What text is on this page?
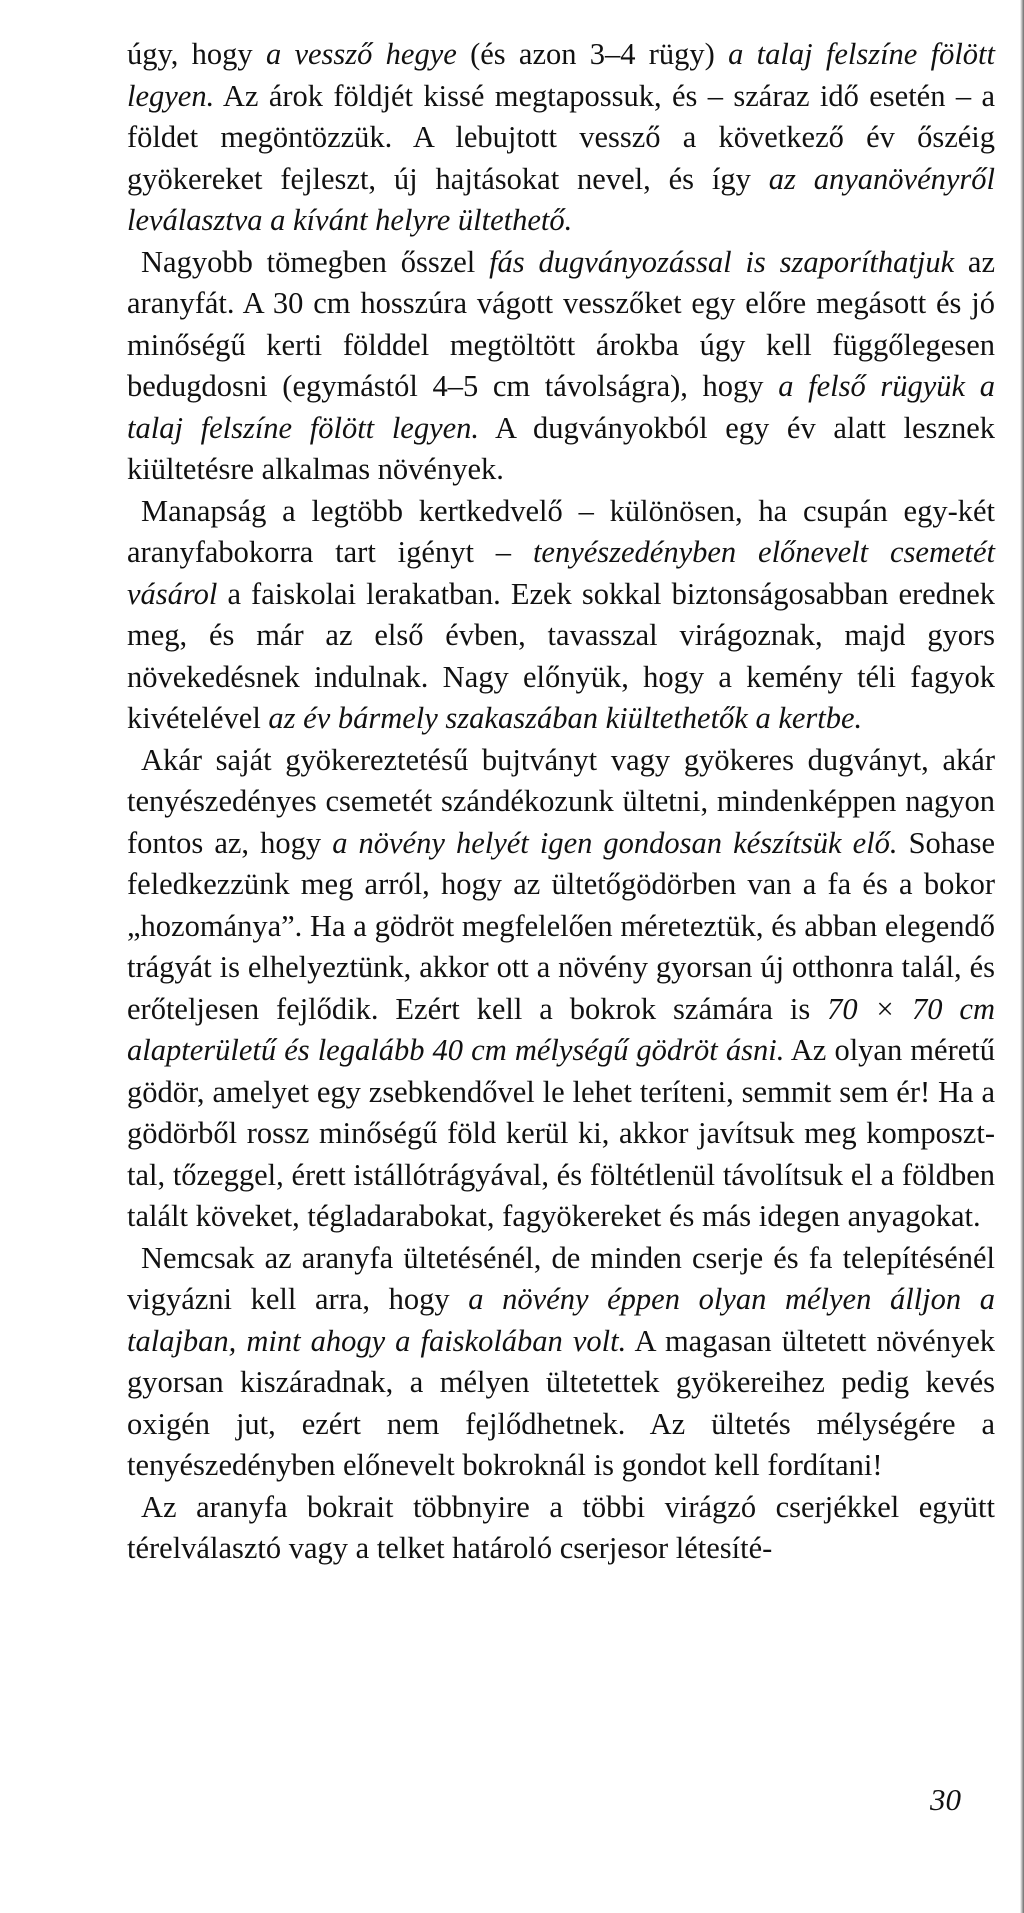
úgy, hogy a vessző hegye (és azon 3–4 rügy) a talaj felszíne fölött legyen. Az árok földjét kissé megtapossuk, és – száraz idő esetén – a földet megöntözzük. A lebujtott vessző a következő év őszéig gyökereket fejleszt, új hajtásokat nevel, és így az anyanövényről leválasztva a kívánt helyre ültethető.

Nagyobb tömegben ősszel fás dugványozással is szaporíthatjuk az aranyfát. A 30 cm hosszúra vágott vesszőket egy előre megásott és jó minőségű kerti földdel megtöltött árokba úgy kell függőlegesen bedugdosni (egymástól 4–5 cm távolságra), hogy a felső rügyük a talaj felszíne fölött legyen. A dugványokból egy év alatt lesznek kiültetésre alkalmas növények.

Manapság a legtöbb kertkedvelő – különösen, ha csupán egy-két aranyfabokorra tart igényt – tenyészedényben előnevelt csemetét vásárol a faiskolai lerakatban. Ezek sokkal biztonságosabban erednek meg, és már az első évben, tavasszal virágoznak, majd gyors növekedésnek indulnak. Nagy előnyük, hogy a kemény téli fagyok kivételével az év bármely szakaszában kiültethetők a kertbe.

Akár saját gyökereztetésű bujtványt vagy gyökeres dugványt, akár tenyészedényes csemetét szándékozunk ültetni, mindenképpen nagyon fontos az, hogy a növény helyét igen gondosan készítsük elő. Sohase feledkezzünk meg arról, hogy az ültetőgödörben van a fa és a bokor „hozománya”. Ha a gödröt megfelelően méreteztük, és abban elegendő trágyát is elhelyeztünk, akkor ott a növény gyorsan új otthonra talál, és erőteljesen fejlődik. Ezért kell a bokrok számára is 70 × 70 cm alapterületű és legalább 40 cm mélységű gödröt ásni. Az olyan méretű gödör, amelyet egy zsebkendővel le lehet teríteni, semmit sem ér! Ha a gödörből rossz minőségű föld kerül ki, akkor javítsuk meg komposzttal, tőzeggel, érett istállótrágyával, és föltétlenül távolítsuk el a földben talált köveket, tégladarabokat, fagyökereket és más idegen anyagokat.

Nemcsak az aranyfa ültetésénél, de minden cserje és fa telepítésénél vigyázni kell arra, hogy a növény éppen olyan mélyen álljon a talajban, mint ahogy a faiskolában volt. A magasan ültetett növények gyorsan kiszáradnak, a mélyen ültetettek gyökereihez pedig kevés oxigén jut, ezért nem fejlődhetnek. Az ültetés mélységére a tenyészedényben előnevelt bokroknál is gondot kell fordítani!

Az aranyfa bokrait többnyire a többi virágzó cserjékkel együtt térelválasztó vagy a telket határoló cserjesor létesíté-

30
